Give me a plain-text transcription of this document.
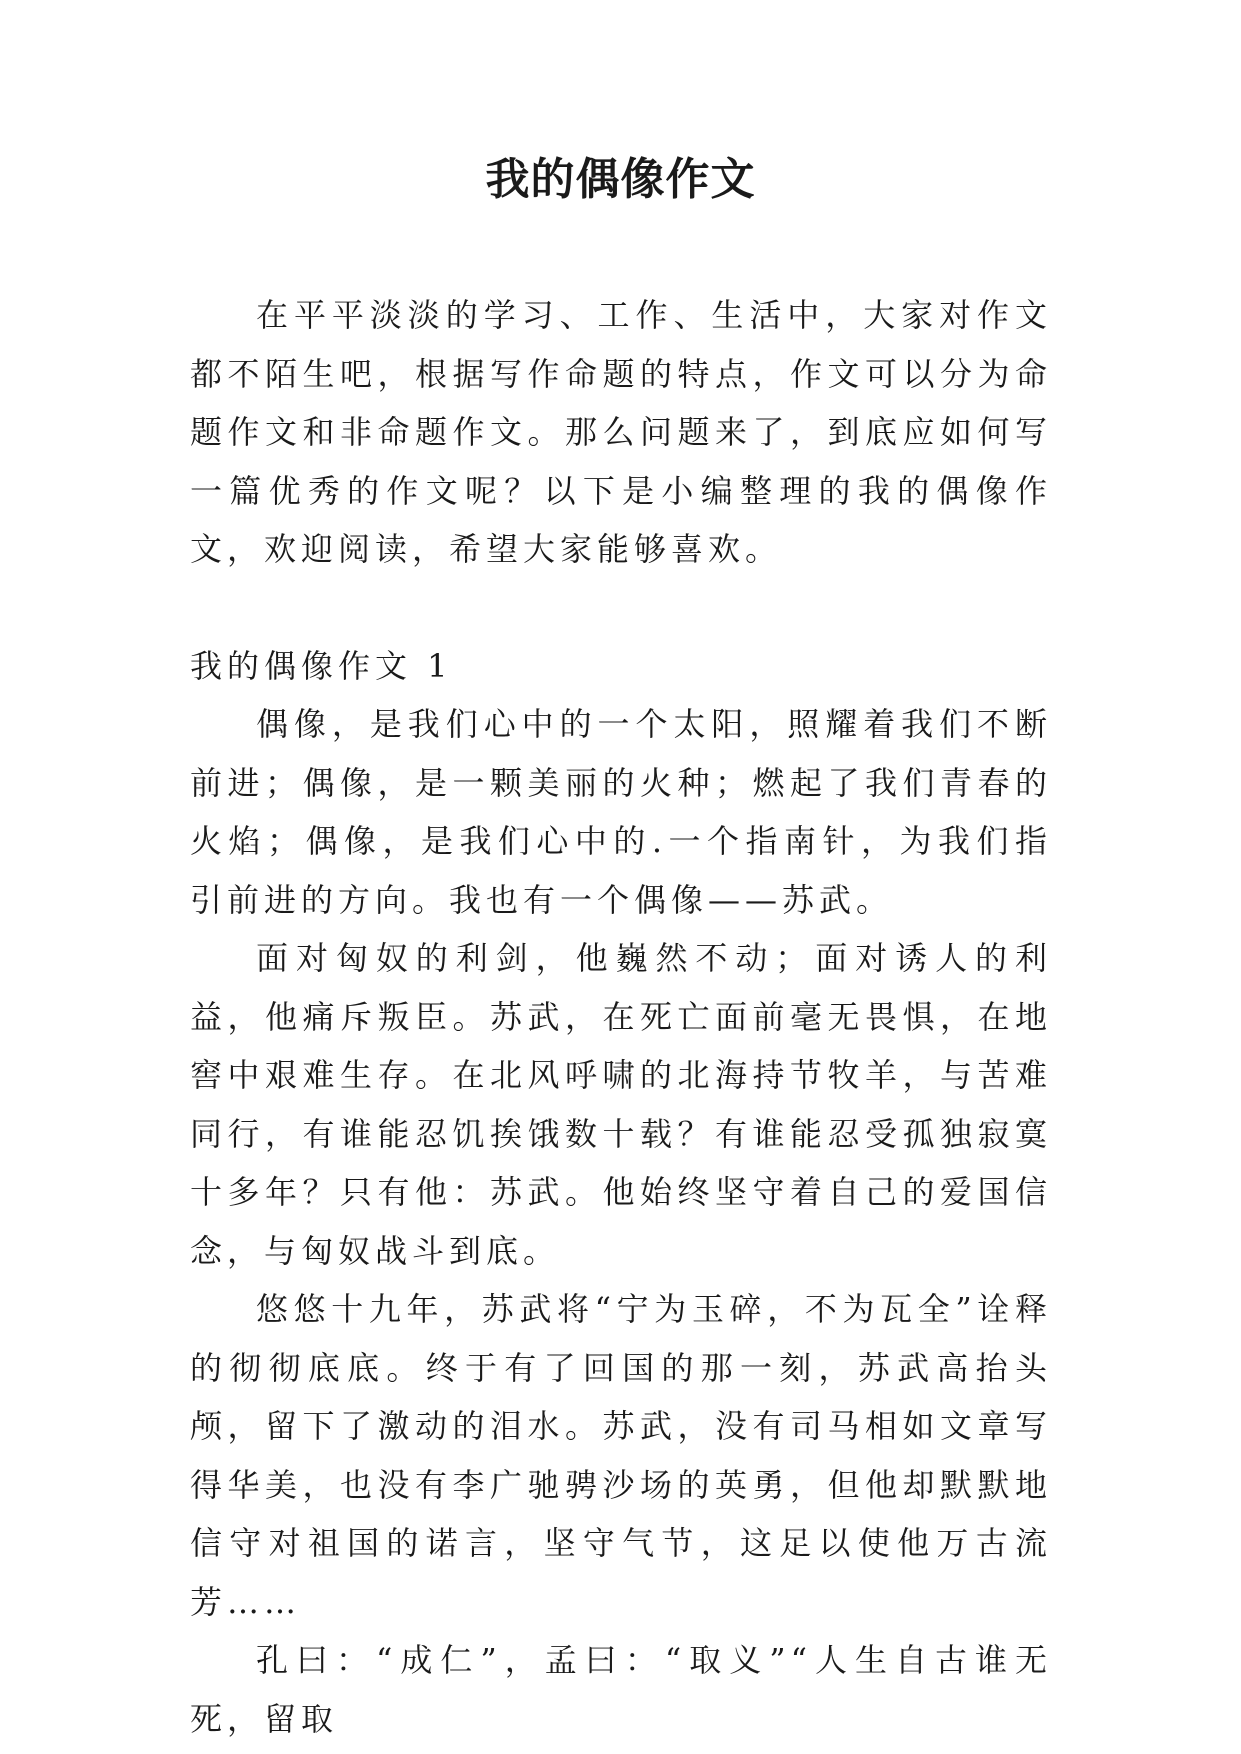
我的偶像作文

在平平淡淡的学习、工作、生活中，大家对作文都不陌生吧，根据写作命题的特点，作文可以分为命题作文和非命题作文。那么问题来了，到底应如何写一篇优秀的作文呢？以下是小编整理的我的偶像作文，欢迎阅读，希望大家能够喜欢。

我的偶像作文 1

偶像，是我们心中的一个太阳，照耀着我们不断前进；偶像，是一颗美丽的火种；燃起了我们青春的火焰；偶像，是我们心中的.一个指南针，为我们指引前进的方向。我也有一个偶像——苏武。

面对匈奴的利剑，他巍然不动；面对诱人的利益，他痛斥叛臣。苏武，在死亡面前毫无畏惧，在地窖中艰难生存。在北风呼啸的北海持节牧羊，与苦难同行，有谁能忍饥挨饿数十载？有谁能忍受孤独寂寞十多年？只有他：苏武。他始终坚守着自己的爱国信念，与匈奴战斗到底。

悠悠十九年，苏武将“宁为玉碎，不为瓦全”诠释的彻彻底底。终于有了回国的那一刻，苏武高抬头颅，留下了激动的泪水。苏武，没有司马相如文章写得华美，也没有李广驰骋沙场的英勇，但他却默默地信守对祖国的诺言，坚守气节，这足以使他万古流芳……

孔曰：“成仁”，孟曰：“取义”“人生自古谁无死，留取
